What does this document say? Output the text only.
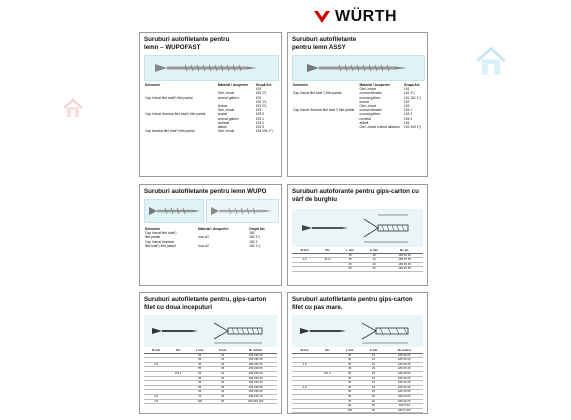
WÜRTH
Suruburi autofiletante pentru
lemn – WUPOFAST
Denumire	Material / Acoperire	Grupă Art.
		193
	Oțel, zincat	193 1*)
Cap înecat filet total*) filet parțial	cromat galben	193
		193 1*)
	brunat	193 2*)
	Oțel, zincat	193
Cap înecat /bombat filet total*) filet parțial	brunat	193 0
	cromat galben	193 1
	nichelat	193 2
	alămit	193 3
Cap bombat filet total*) filet parțial	Oțel, zincat	194 194 1*)
Suruburi autofiletante
pentru lemn ASSY
Denumire	Material / Acoperire	Grupa Art.
	Oțel, zincat	151
Cap înecat filet total *) filet parțial	cromat albastru	151 1*)
	cromat galben	151 151 1*)
	brunat	152
	Oțel, zincat	153
Cap înecat /bombat filet total *) filet parțial	cromat albastru	154 1
	cromat galben	154 2
	nichelat	154 3
	alămit	154
	Oțel, zincat cromat albastru	153 153 1*)
Suruburi autofiletante pentru lemn WUPO
Denumire	Material / Acoperire	Grupă Art.
Cap înecat filet total*)		182
filet parțial	Inox A2	182 1*)
Cap înecat /bombat		182 2
filet total*) filet parțial	Inox A2	182 1*)
Suruburi autoforante pentru gips-carton cu
vârf de burghiu
Ø mm	Str.	L mm	b mm	Nr. art.
		25	19	189 05 25
3,5	PH 2	35	24	189 05 35
		45	29	189 05 45
		55	35	189 05 55
Suruburi autofiletante pentru, gips-carton
filet cu doua inceputuri
Ø mm	Str.	L mm	b mm	Nr. articol
		25	19	189 039 25
		35	24	189 039 35
3,9		45	29	189 039 45
		55	35	189 039 55
	PH 2	25	19	189 039 25
		35	24	189 039 35
		45	29	189 039 45
		55	35	189 039 55
		65	40	189 039 65
3,9		75	40	189 039 75
4,8		100	50	189 048 100
Suruburi autofiletante pentru gips-carton
filet cu pas mare.
Ø mm	Str.	L mm	b mm	Nr. articol
		25	19	189 35 25
		30	24	189 35 30
3,5		35	24	189 35 35
		45	29	189 35 45
	PH 2	55	35	189 35 55
		25	19	189 39 25
		35	24	189 39 35
3,9		45	29	189 39 45
		55	35	189 39 55
		65	40	189 39 65
		75	40	189 39 75
		90	50	189 5 90
		100	50	189 5 100
